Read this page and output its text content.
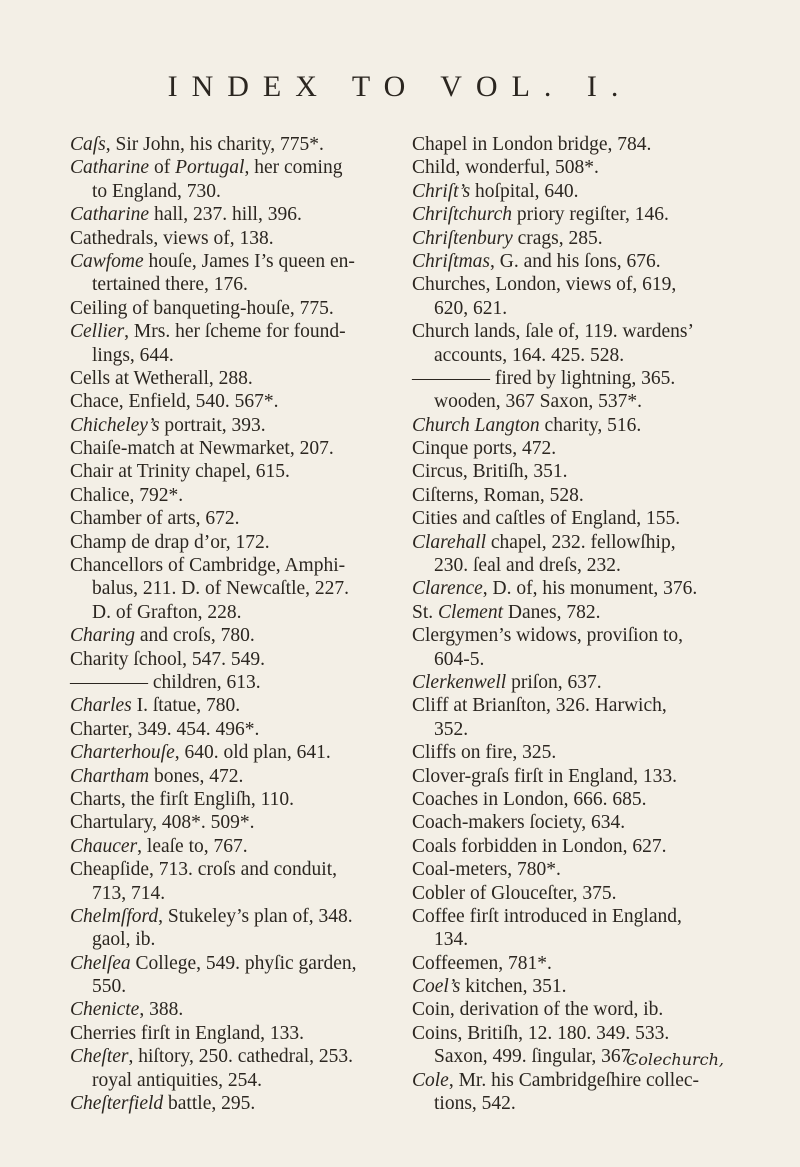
INDEX TO VOL. I.

Caſs, Sir John, his charity, 775*.

Catharine of Portugal, her coming

to England, 730.

Catharine hall, 237. hill, 396.

Cathedrals, views of, 138.

Cawfome houſe, James I’s queen en-

tertained there, 176.

Ceiling of banqueting-houſe, 775.

Cellier, Mrs. her ſcheme for found-

lings, 644.

Cells at Wetherall, 288.

Chace, Enfield, 540. 567*.

Chicheley’s portrait, 393.

Chaiſe-match at Newmarket, 207.

Chair at Trinity chapel, 615.

Chalice, 792*.

Chamber of arts, 672.

Champ de drap d’or, 172.

Chancellors of Cambridge, Amphi-

balus, 211. D. of Newcaſtle, 227.

D. of Grafton, 228.

Charing and croſs, 780.

Charity ſchool, 547. 549.

———— children, 613.

Charles I. ſtatue, 780.

Charter, 349. 454. 496*.

Charterhouſe, 640. old plan, 641.

Chartham bones, 472.

Charts, the firſt Engliſh, 110.

Chartulary, 408*. 509*.

Chaucer, leaſe to, 767.

Cheapſide, 713. croſs and conduit,

713, 714.

Chelmſford, Stukeley’s plan of, 348.

gaol, ib.

Chelſea College, 549. phyſic garden,

550.

Chenicte, 388.

Cherries firſt in England, 133.

Cheſter, hiſtory, 250. cathedral, 253.

royal antiquities, 254.

Cheſterfield battle, 295.

Chapel in London bridge, 784.

Child, wonderful, 508*.

Chriſt’s hoſpital, 640.

Chriſtchurch priory regiſter, 146.

Chriſtenbury crags, 285.

Chriſtmas, G. and his ſons, 676.

Churches, London, views of, 619,

620, 621.

Church lands, ſale of, 119. wardens’

accounts, 164. 425. 528.

———— fired by lightning, 365.

wooden, 367 Saxon, 537*.

Church Langton charity, 516.

Cinque ports, 472.

Circus, Britiſh, 351.

Ciſterns, Roman, 528.

Cities and caſtles of England, 155.

Clarehall chapel, 232. fellowſhip,

230. ſeal and dreſs, 232.

Clarence, D. of, his monument, 376.

St. Clement Danes, 782.

Clergymen’s widows, proviſion to,

604-5.

Clerkenwell priſon, 637.

Cliff at Brianſton, 326. Harwich,

352.

Cliffs on fire, 325.

Clover-graſs firſt in England, 133.

Coaches in London, 666. 685.

Coach-makers ſociety, 634.

Coals forbidden in London, 627.

Coal-meters, 780*.

Cobler of Glouceſter, 375.

Coffee firſt introduced in England,

134.

Coffeemen, 781*.

Coel’s kitchen, 351.

Coin, derivation of the word, ib.

Coins, Britiſh, 12. 180. 349. 533.

Saxon, 499. ſingular, 367.

Cole, Mr. his Cambridgeſhire collec-

tions, 542.

Colechurch,
